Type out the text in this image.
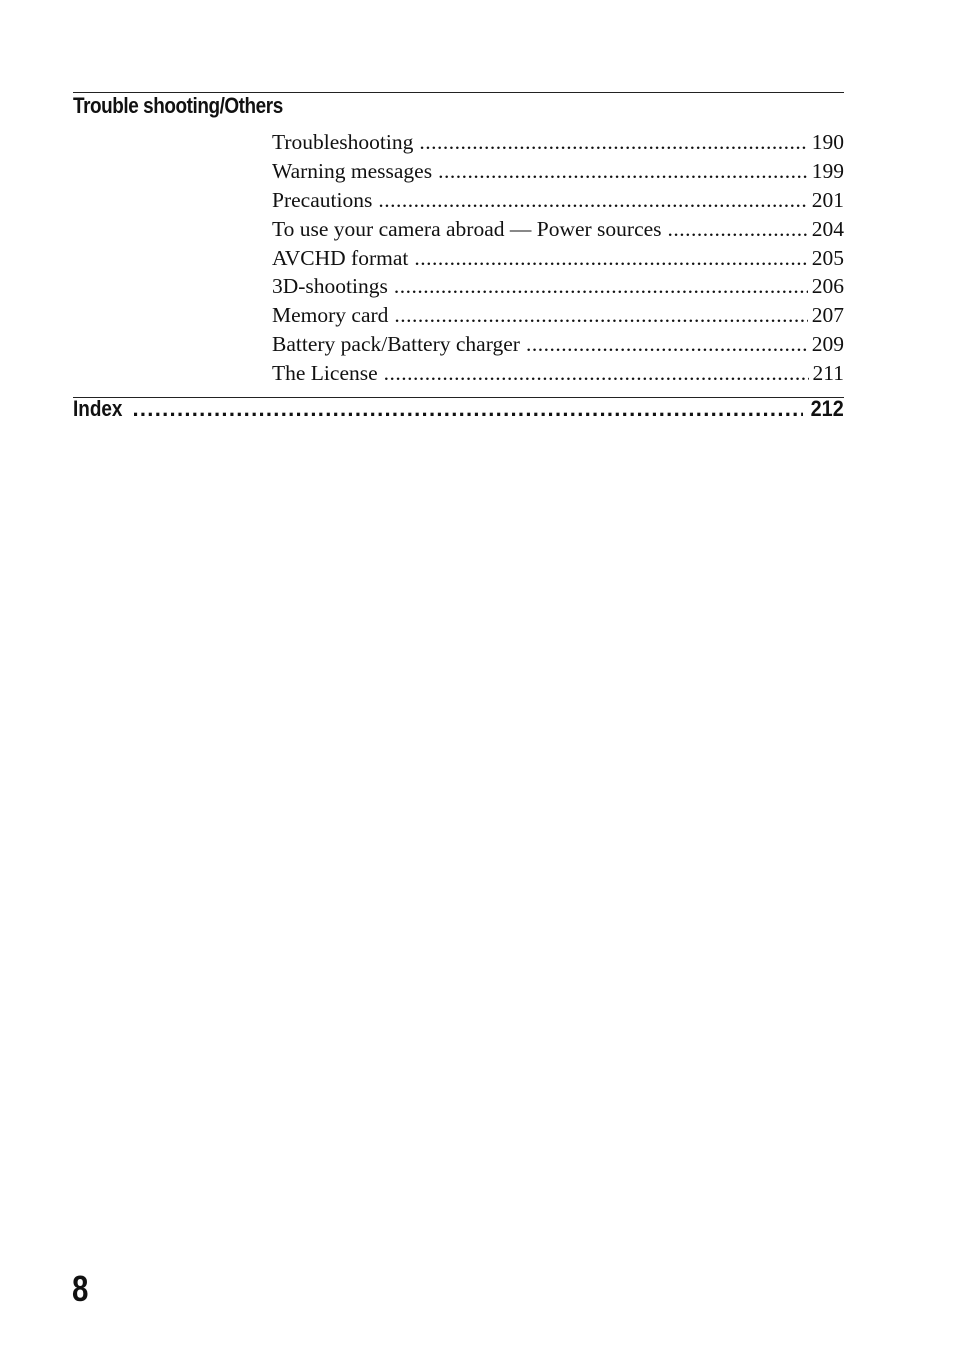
Trouble shooting/Others
Troubleshooting .....	190
Warning messages .....	199
Precautions .....	201
To use your camera abroad — Power sources .....	204
AVCHD format .....	205
3D-shootings .....	206
Memory card .....	207
Battery pack/Battery charger .....	209
The License .....	211
Index .....	212
8
